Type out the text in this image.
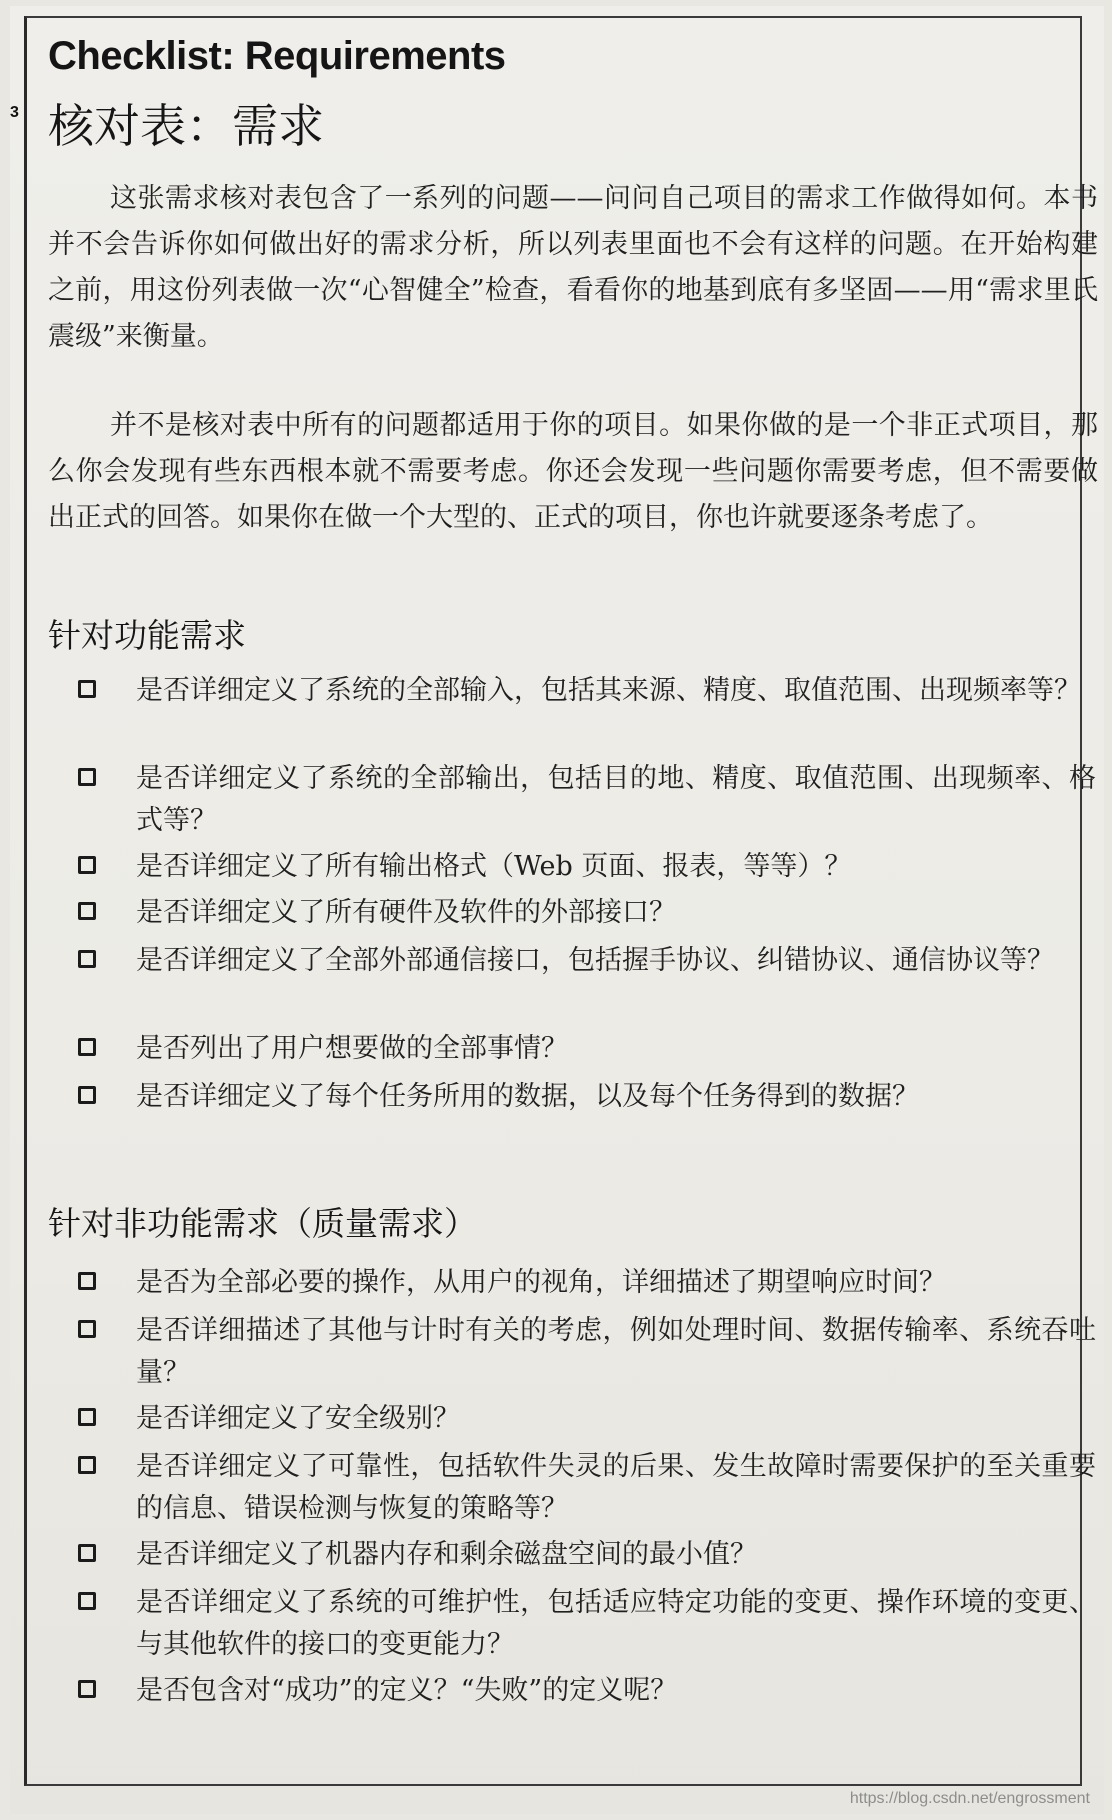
3
Checklist: Requirements
核对表：需求

这张需求核对表包含了一系列的问题——问问自己项目的需求工作做得如何。本书并不会告诉你如何做出好的需求分析，所以列表里面也不会有这样的问题。在开始构建之前，用这份列表做一次“心智健全”检查，看看你的地基到底有多坚固——用“需求里氏震级”来衡量。

并不是核对表中所有的问题都适用于你的项目。如果你做的是一个非正式项目，那么你会发现有些东西根本就不需要考虑。你还会发现一些问题你需要考虑，但不需要做出正式的回答。如果你在做一个大型的、正式的项目，你也许就要逐条考虑了。

针对功能需求

是否详细定义了系统的全部输入，包括其来源、精度、取值范围、出现频率等？

是否详细定义了系统的全部输出，包括目的地、精度、取值范围、出现频率、格式等？

是否详细定义了所有输出格式（Web 页面、报表，等等）？

是否详细定义了所有硬件及软件的外部接口？

是否详细定义了全部外部通信接口，包括握手协议、纠错协议、通信协议等？

是否列出了用户想要做的全部事情？

是否详细定义了每个任务所用的数据，以及每个任务得到的数据？

针对非功能需求（质量需求）

是否为全部必要的操作，从用户的视角，详细描述了期望响应时间？

是否详细描述了其他与计时有关的考虑，例如处理时间、数据传输率、系统吞吐量？

是否详细定义了安全级别？

是否详细定义了可靠性，包括软件失灵的后果、发生故障时需要保护的至关重要的信息、错误检测与恢复的策略等？

是否详细定义了机器内存和剩余磁盘空间的最小值？

是否详细定义了系统的可维护性，包括适应特定功能的变更、操作环境的变更、与其他软件的接口的变更能力？

是否包含对“成功”的定义？“失败”的定义呢？

https://blog.csdn.net/engrossment
